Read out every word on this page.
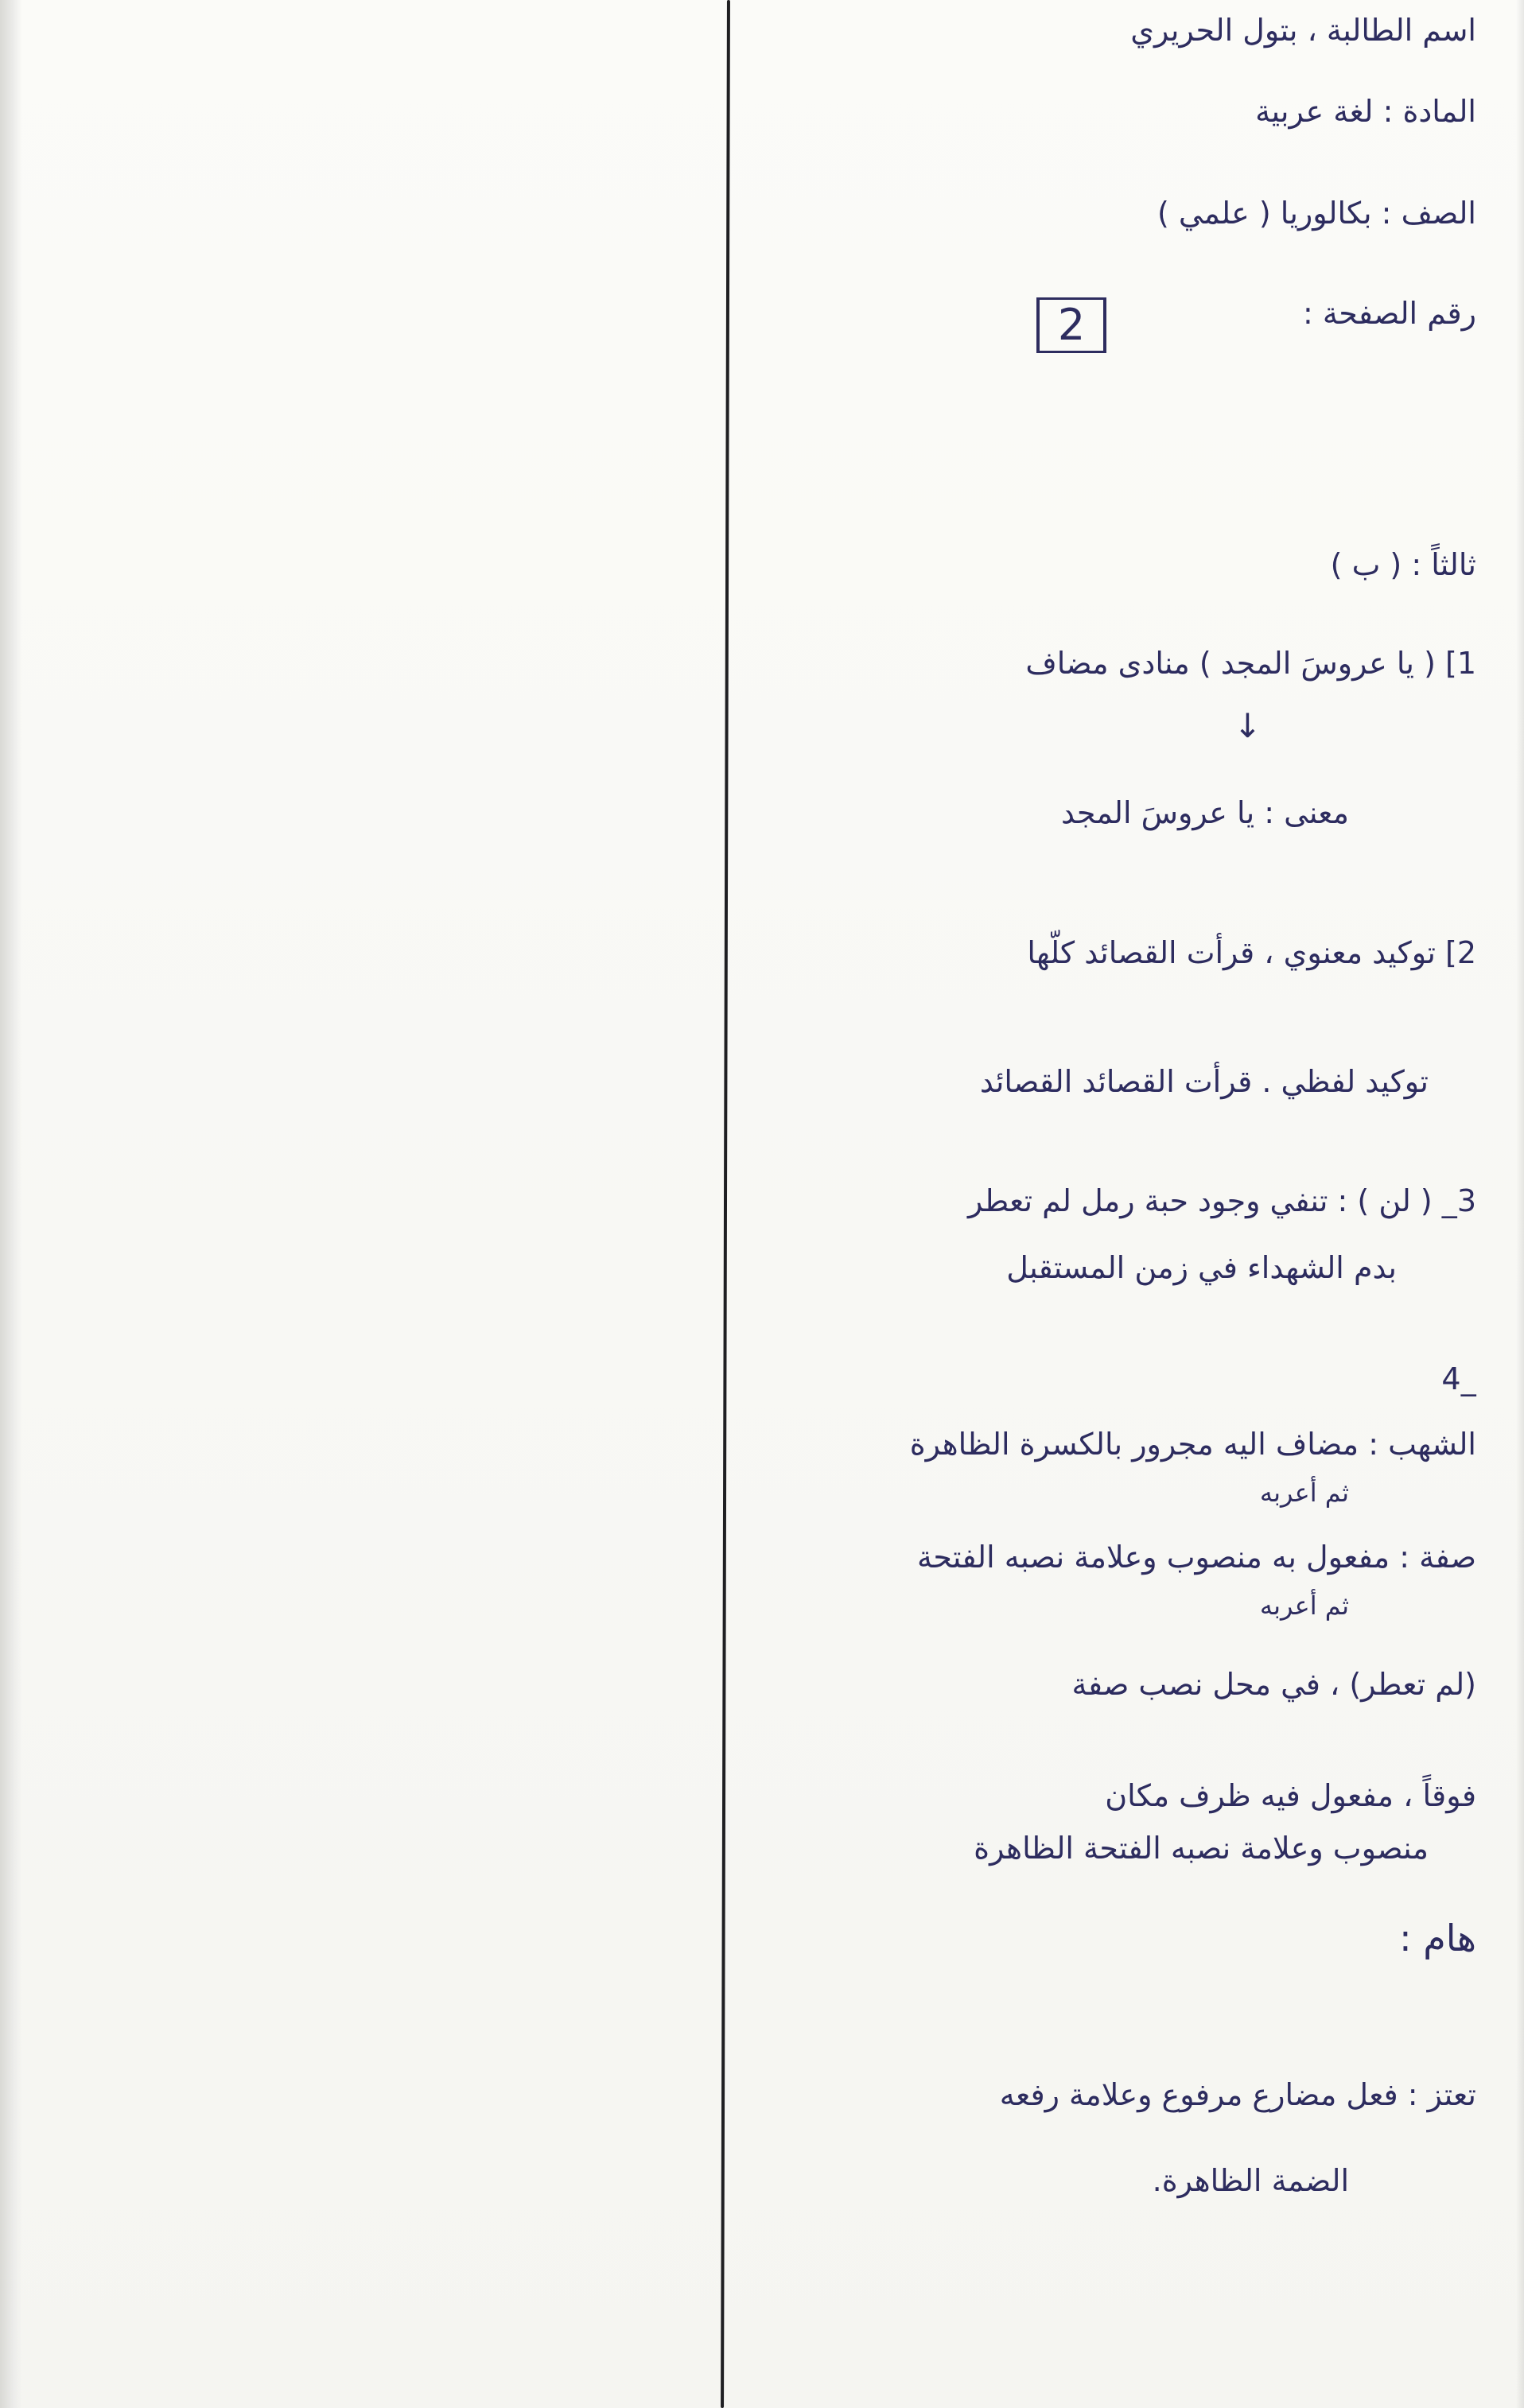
اسم الطالبة ، بتول الحريري
المادة : لغة عربية
الصف : بكالوريا ( علمي )
رقم الصفحة :
2
ثالثاً : ( ب )
1] ( يا عروسَ المجد ) منادى مضاف
↓
معنى : يا عروسَ المجد
2] توكيد معنوي ، قرأت القصائد كلّها
توكيد لفظي . قرأت القصائد القصائد
3_ ( لن ) : تنفي وجود حبة رمل لم تعطر
بدم الشهداء في زمن المستقبل
4_
الشهب : مضاف اليه مجرور بالكسرة الظاهرة
ثم أعربه
صفة : مفعول به منصوب وعلامة نصبه الفتحة
ثم أعربه
(لم تعطر) ، في محل نصب صفة
فوقاً ، مفعول فيه ظرف مكان
منصوب وعلامة نصبه الفتحة الظاهرة
هام :
تعتز : فعل مضارع مرفوع وعلامة رفعه
الضمة الظاهرة.
